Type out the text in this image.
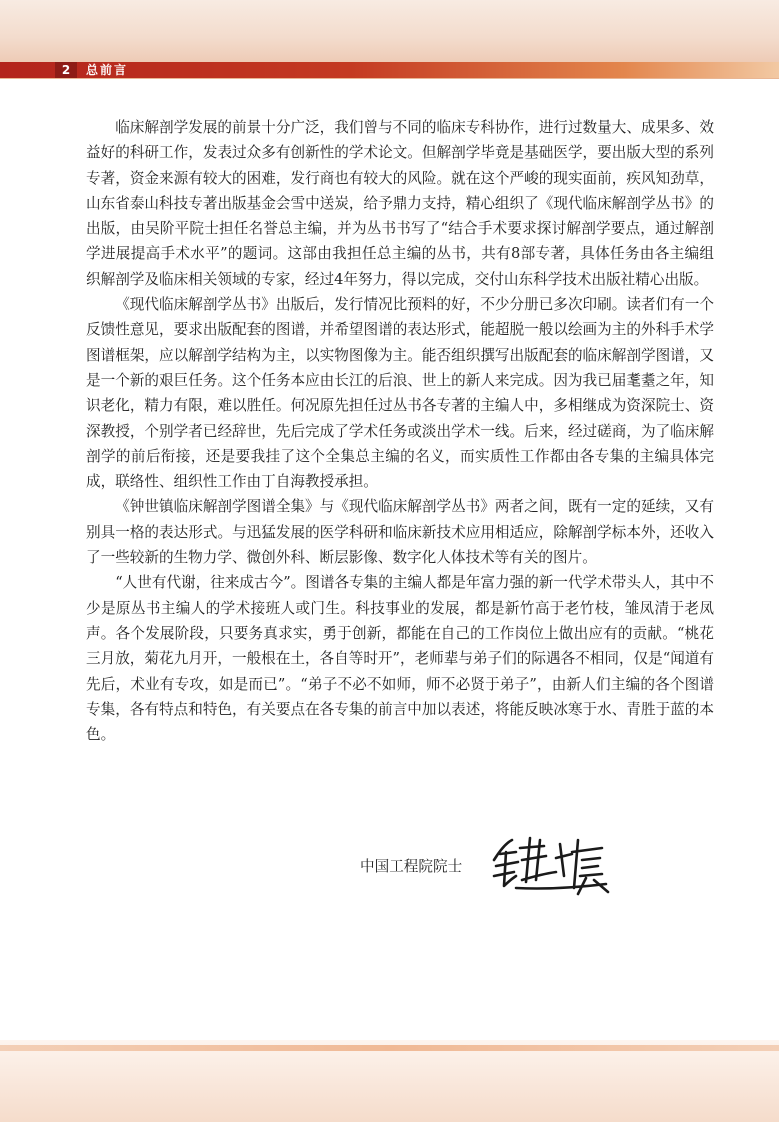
2	总前言

临床解剖学发展的前景十分广泛，我们曾与不同的临床专科协作，进行过数量大、成果多、效益好的科研工作，发表过众多有创新性的学术论文。但解剖学毕竟是基础医学，要出版大型的系列专著，资金来源有较大的困难，发行商也有较大的风险。就在这个严峻的现实面前，疾风知劲草，山东省泰山科技专著出版基金会雪中送炭，给予鼎力支持，精心组织了《现代临床解剖学丛书》的出版，由吴阶平院士担任名誉总主编，并为丛书书写了“结合手术要求探讨解剖学要点，通过解剖学进展提高手术水平”的题词。这部由我担任总主编的丛书，共有8部专著，具体任务由各主编组织解剖学及临床相关领域的专家，经过4年努力，得以完成，交付山东科学技术出版社精心出版。

《现代临床解剖学丛书》出版后，发行情况比预料的好，不少分册已多次印刷。读者们有一个反馈性意见，要求出版配套的图谱，并希望图谱的表达形式，能超脱一般以绘画为主的外科手术学图谱框架，应以解剖学结构为主，以实物图像为主。能否组织撰写出版配套的临床解剖学图谱，又是一个新的艰巨任务。这个任务本应由长江的后浪、世上的新人来完成。因为我已届耄耋之年，知识老化，精力有限，难以胜任。何况原先担任过丛书各专著的主编人中，多相继成为资深院士、资深教授，个别学者已经辞世，先后完成了学术任务或淡出学术一线。后来，经过磋商，为了临床解剖学的前后衔接，还是要我挂了这个全集总主编的名义，而实质性工作都由各专集的主编具体完成，联络性、组织性工作由丁自海教授承担。

《钟世镇临床解剖学图谱全集》与《现代临床解剖学丛书》两者之间，既有一定的延续，又有别具一格的表达形式。与迅猛发展的医学科研和临床新技术应用相适应，除解剖学标本外，还收入了一些较新的生物力学、微创外科、断层影像、数字化人体技术等有关的图片。

“人世有代谢，往来成古今”。图谱各专集的主编人都是年富力强的新一代学术带头人，其中不少是原丛书主编人的学术接班人或门生。科技事业的发展，都是新竹高于老竹枝，雏凤清于老凤声。各个发展阶段，只要务真求实，勇于创新，都能在自己的工作岗位上做出应有的贡献。“桃花三月放，菊花九月开，一般根在土，各自等时开”，老师辈与弟子们的际遇各不相同，仅是“闻道有先后，术业有专攻，如是而已”。“弟子不必不如师，师不必贤于弟子”，由新人们主编的各个图谱专集，各有特点和特色，有关要点在各专集的前言中加以表述，将能反映冰寒于水、青胜于蓝的本色。

中国工程院院士
